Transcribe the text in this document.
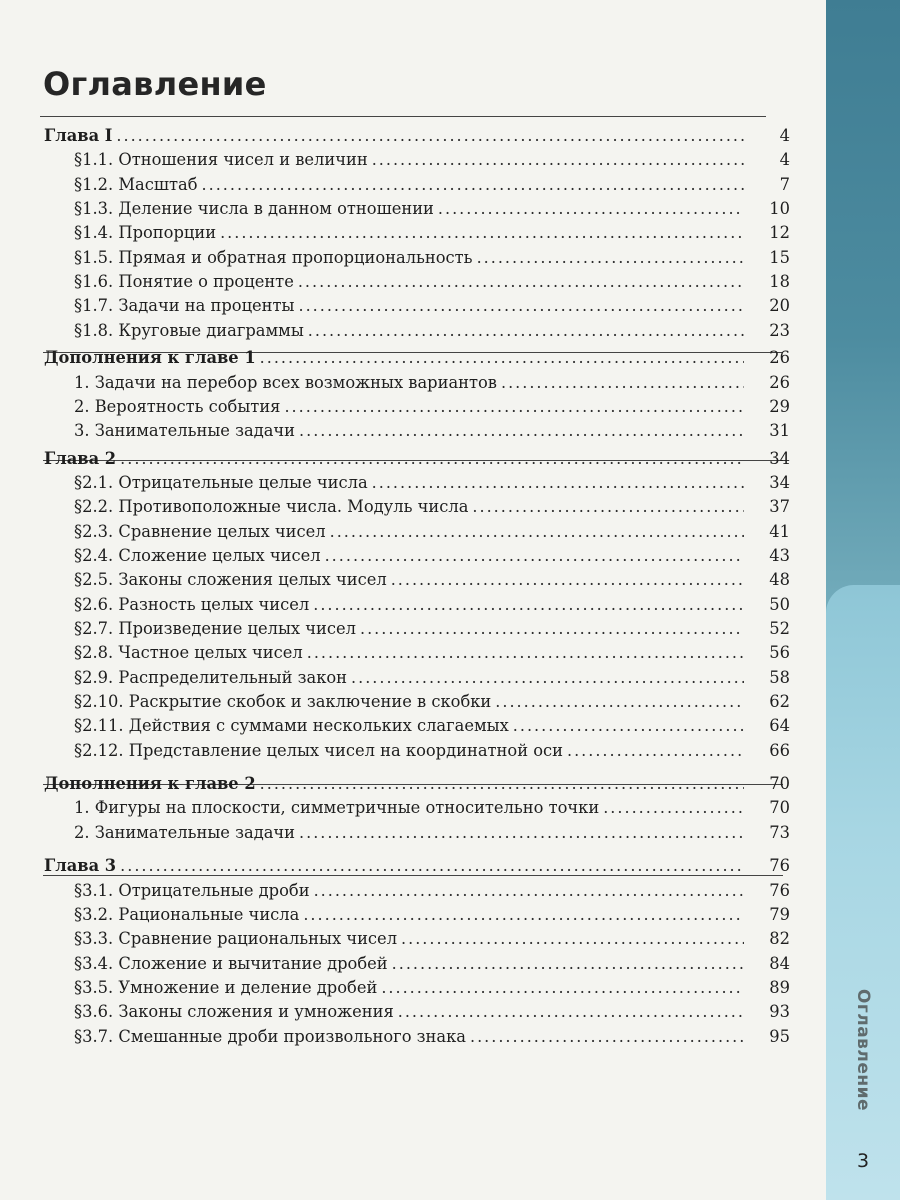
Оглавление
3
Оглавление
Глава I .....	4
§1.1. Отношения чисел и величин .....	4
§1.2. Масштаб .....	7
§1.3. Деление числа в данном отношении .....	10
§1.4. Пропорции .....	12
§1.5. Прямая и обратная пропорциональность .....	15
§1.6. Понятие о проценте .....	18
§1.7. Задачи на проценты .....	20
§1.8. Круговые диаграммы .....	23
Дополнения к главе 1 .....	26
1. Задачи на перебор всех возможных вариантов .....	26
2. Вероятность события .....	29
3. Занимательные задачи .....	31
Глава 2 .....	34
§2.1. Отрицательные целые числа .....	34
§2.2. Противоположные числа. Модуль числа .....	37
§2.3. Сравнение целых чисел .....	41
§2.4. Сложение целых чисел .....	43
§2.5. Законы сложения целых чисел .....	48
§2.6. Разность целых чисел .....	50
§2.7. Произведение целых чисел .....	52
§2.8. Частное целых чисел .....	56
§2.9. Распределительный закон .....	58
§2.10. Раскрытие скобок и заключение в скобки .....	62
§2.11. Действия с суммами нескольких слагаемых .....	64
§2.12. Представление целых чисел на координатной оси .....	66
Дополнения к главе 2 .....	70
1. Фигуры на плоскости, симметричные относительно точки .....	70
2. Занимательные задачи .....	73
Глава 3 .....	76
§3.1. Отрицательные дроби .....	76
§3.2. Рациональные числа .....	79
§3.3. Сравнение рациональных чисел .....	82
§3.4. Сложение и вычитание дробей .....	84
§3.5. Умножение и деление дробей .....	89
§3.6. Законы сложения и умножения .....	93
§3.7. Смешанные дроби произвольного знака .....	95
